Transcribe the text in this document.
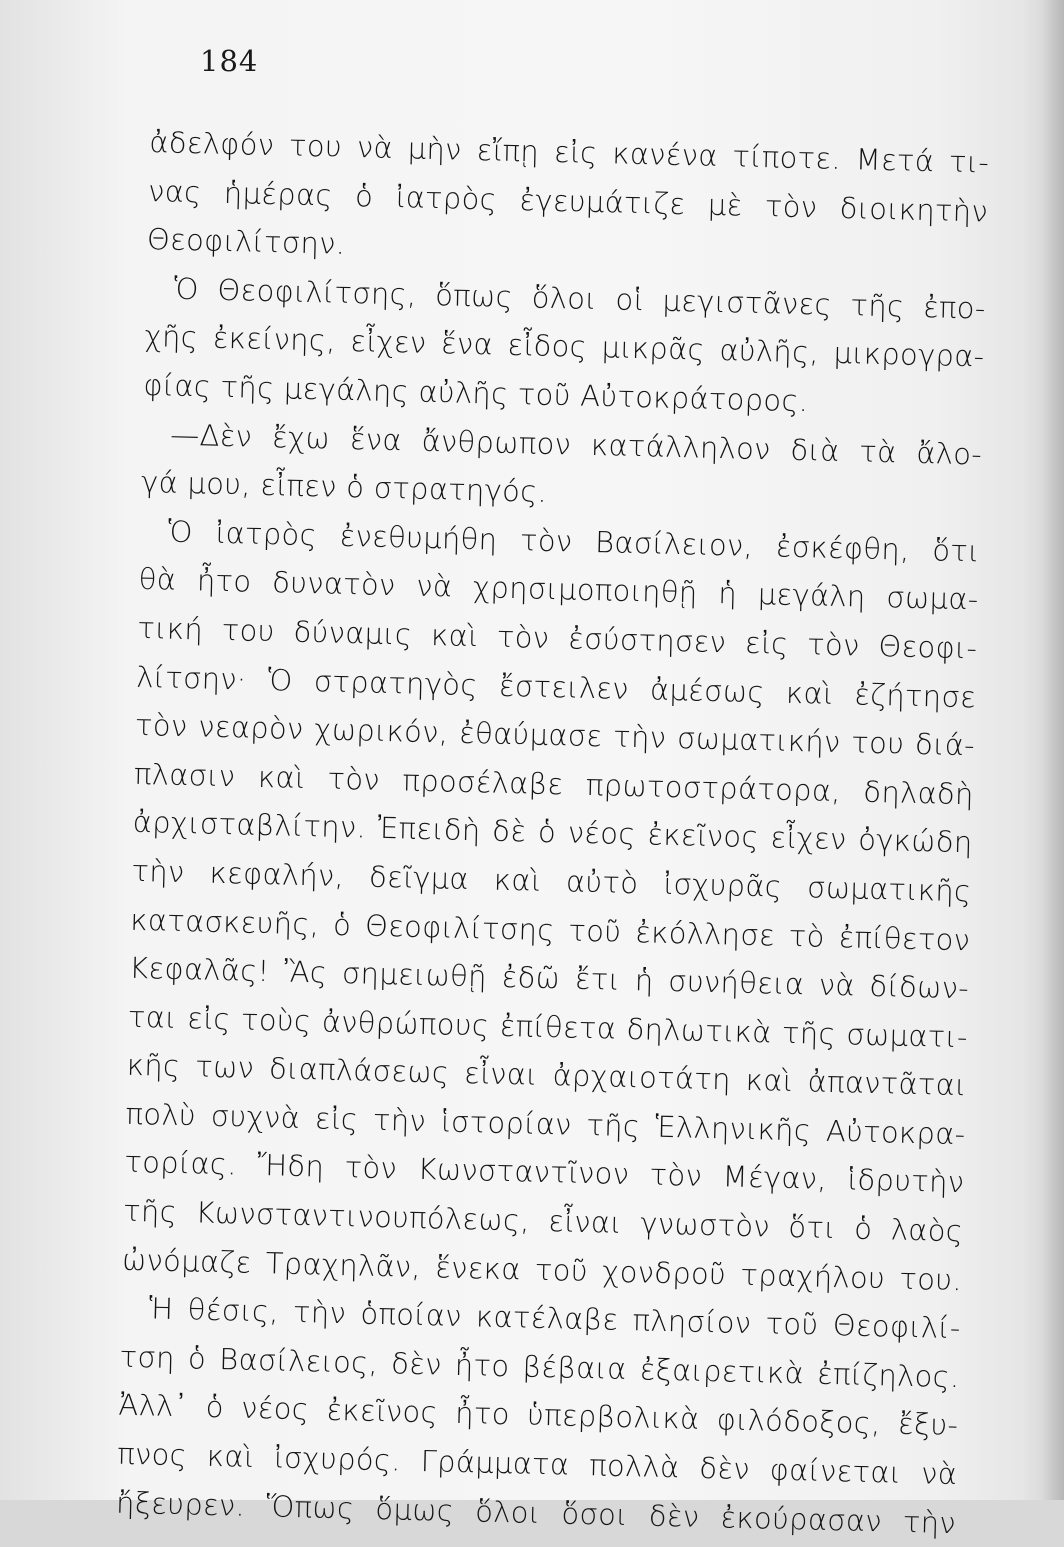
184
ἀδελφόν του νὰ μὴν εἴπῃ εἰς κανένα τίποτε. Μετά τι-
νας ἡμέρας ὁ ἰατρὸς ἐγευμάτιζε μὲ τὸν διοικητὴν
Θεοφιλίτσην.
Ὁ Θεοφιλίτσης, ὅπως ὅλοι οἱ μεγιστᾶνες τῆς ἐπο-
χῆς ἐκείνης, εἶχεν ἕνα εἶδος μικρᾶς αὐλῆς, μικρογρα-
φίας τῆς μεγάλης αὐλῆς τοῦ Αὐτοκράτορος.
—Δὲν ἔχω ἕνα ἄνθρωπον κατάλληλον διὰ τὰ ἄλο-
γά μου, εἶπεν ὁ στρατηγός.
Ὁ ἰατρὸς ἐνεθυμήθη τὸν Βασίλειον, ἐσκέφθη, ὅτι
θὰ ἦτο δυνατὸν νὰ χρησιμοποιηθῇ ἡ μεγάλη σωμα-
τική του δύναμις καὶ τὸν ἐσύστησεν εἰς τὸν Θεοφι-
λίτσην· Ὁ στρατηγὸς ἔστειλεν ἀμέσως καὶ ἐζήτησε
τὸν νεαρὸν χωρικόν, ἐθαύμασε τὴν σωματικήν του διά-
πλασιν καὶ τὸν προσέλαβε πρωτοστράτορα, δηλαδὴ
ἀρχισταβλίτην. Ἐπειδὴ δὲ ὁ νέος ἐκεῖνος εἶχεν ὀγκώδη
τὴν κεφαλήν, δεῖγμα καὶ αὐτὸ ἰσχυρᾶς σωματικῆς
κατασκευῆς, ὁ Θεοφιλίτσης τοῦ ἐκόλλησε τὸ ἐπίθετον
Κεφαλᾶς! Ἂς σημειωθῇ ἐδῶ ἔτι ἡ συνήθεια νὰ δίδων-
ται εἰς τοὺς ἀνθρώπους ἐπίθετα δηλωτικὰ τῆς σωματι-
κῆς των διαπλάσεως εἶναι ἀρχαιοτάτη καὶ ἀπαντᾶται
πολὺ συχνὰ εἰς τὴν ἱστορίαν τῆς Ἑλληνικῆς Αὐτοκρα-
τορίας. Ἤδη τὸν Κωνσταντῖνον τὸν Μέγαν, ἱδρυτὴν
τῆς Κωνσταντινουπόλεως, εἶναι γνωστὸν ὅτι ὁ λαὸς
ὠνόμαζε Τραχηλᾶν, ἕνεκα τοῦ χονδροῦ τραχήλου του.
Ἡ θέσις, τὴν ὁποίαν κατέλαβε πλησίον τοῦ Θεοφιλί-
τση ὁ Βασίλειος, δὲν ἦτο βέβαια ἐξαιρετικὰ ἐπίζηλος.
Ἀλλ᾿ ὁ νέος ἐκεῖνος ἦτο ὑπερβολικὰ φιλόδοξος, ἔξυ-
πνος καὶ ἰσχυρός. Γράμματα πολλὰ δὲν φαίνεται νὰ
ἤξευρεν. Ὅπως ὅμως ὅλοι ὅσοι δὲν ἐκούρασαν τὴν
